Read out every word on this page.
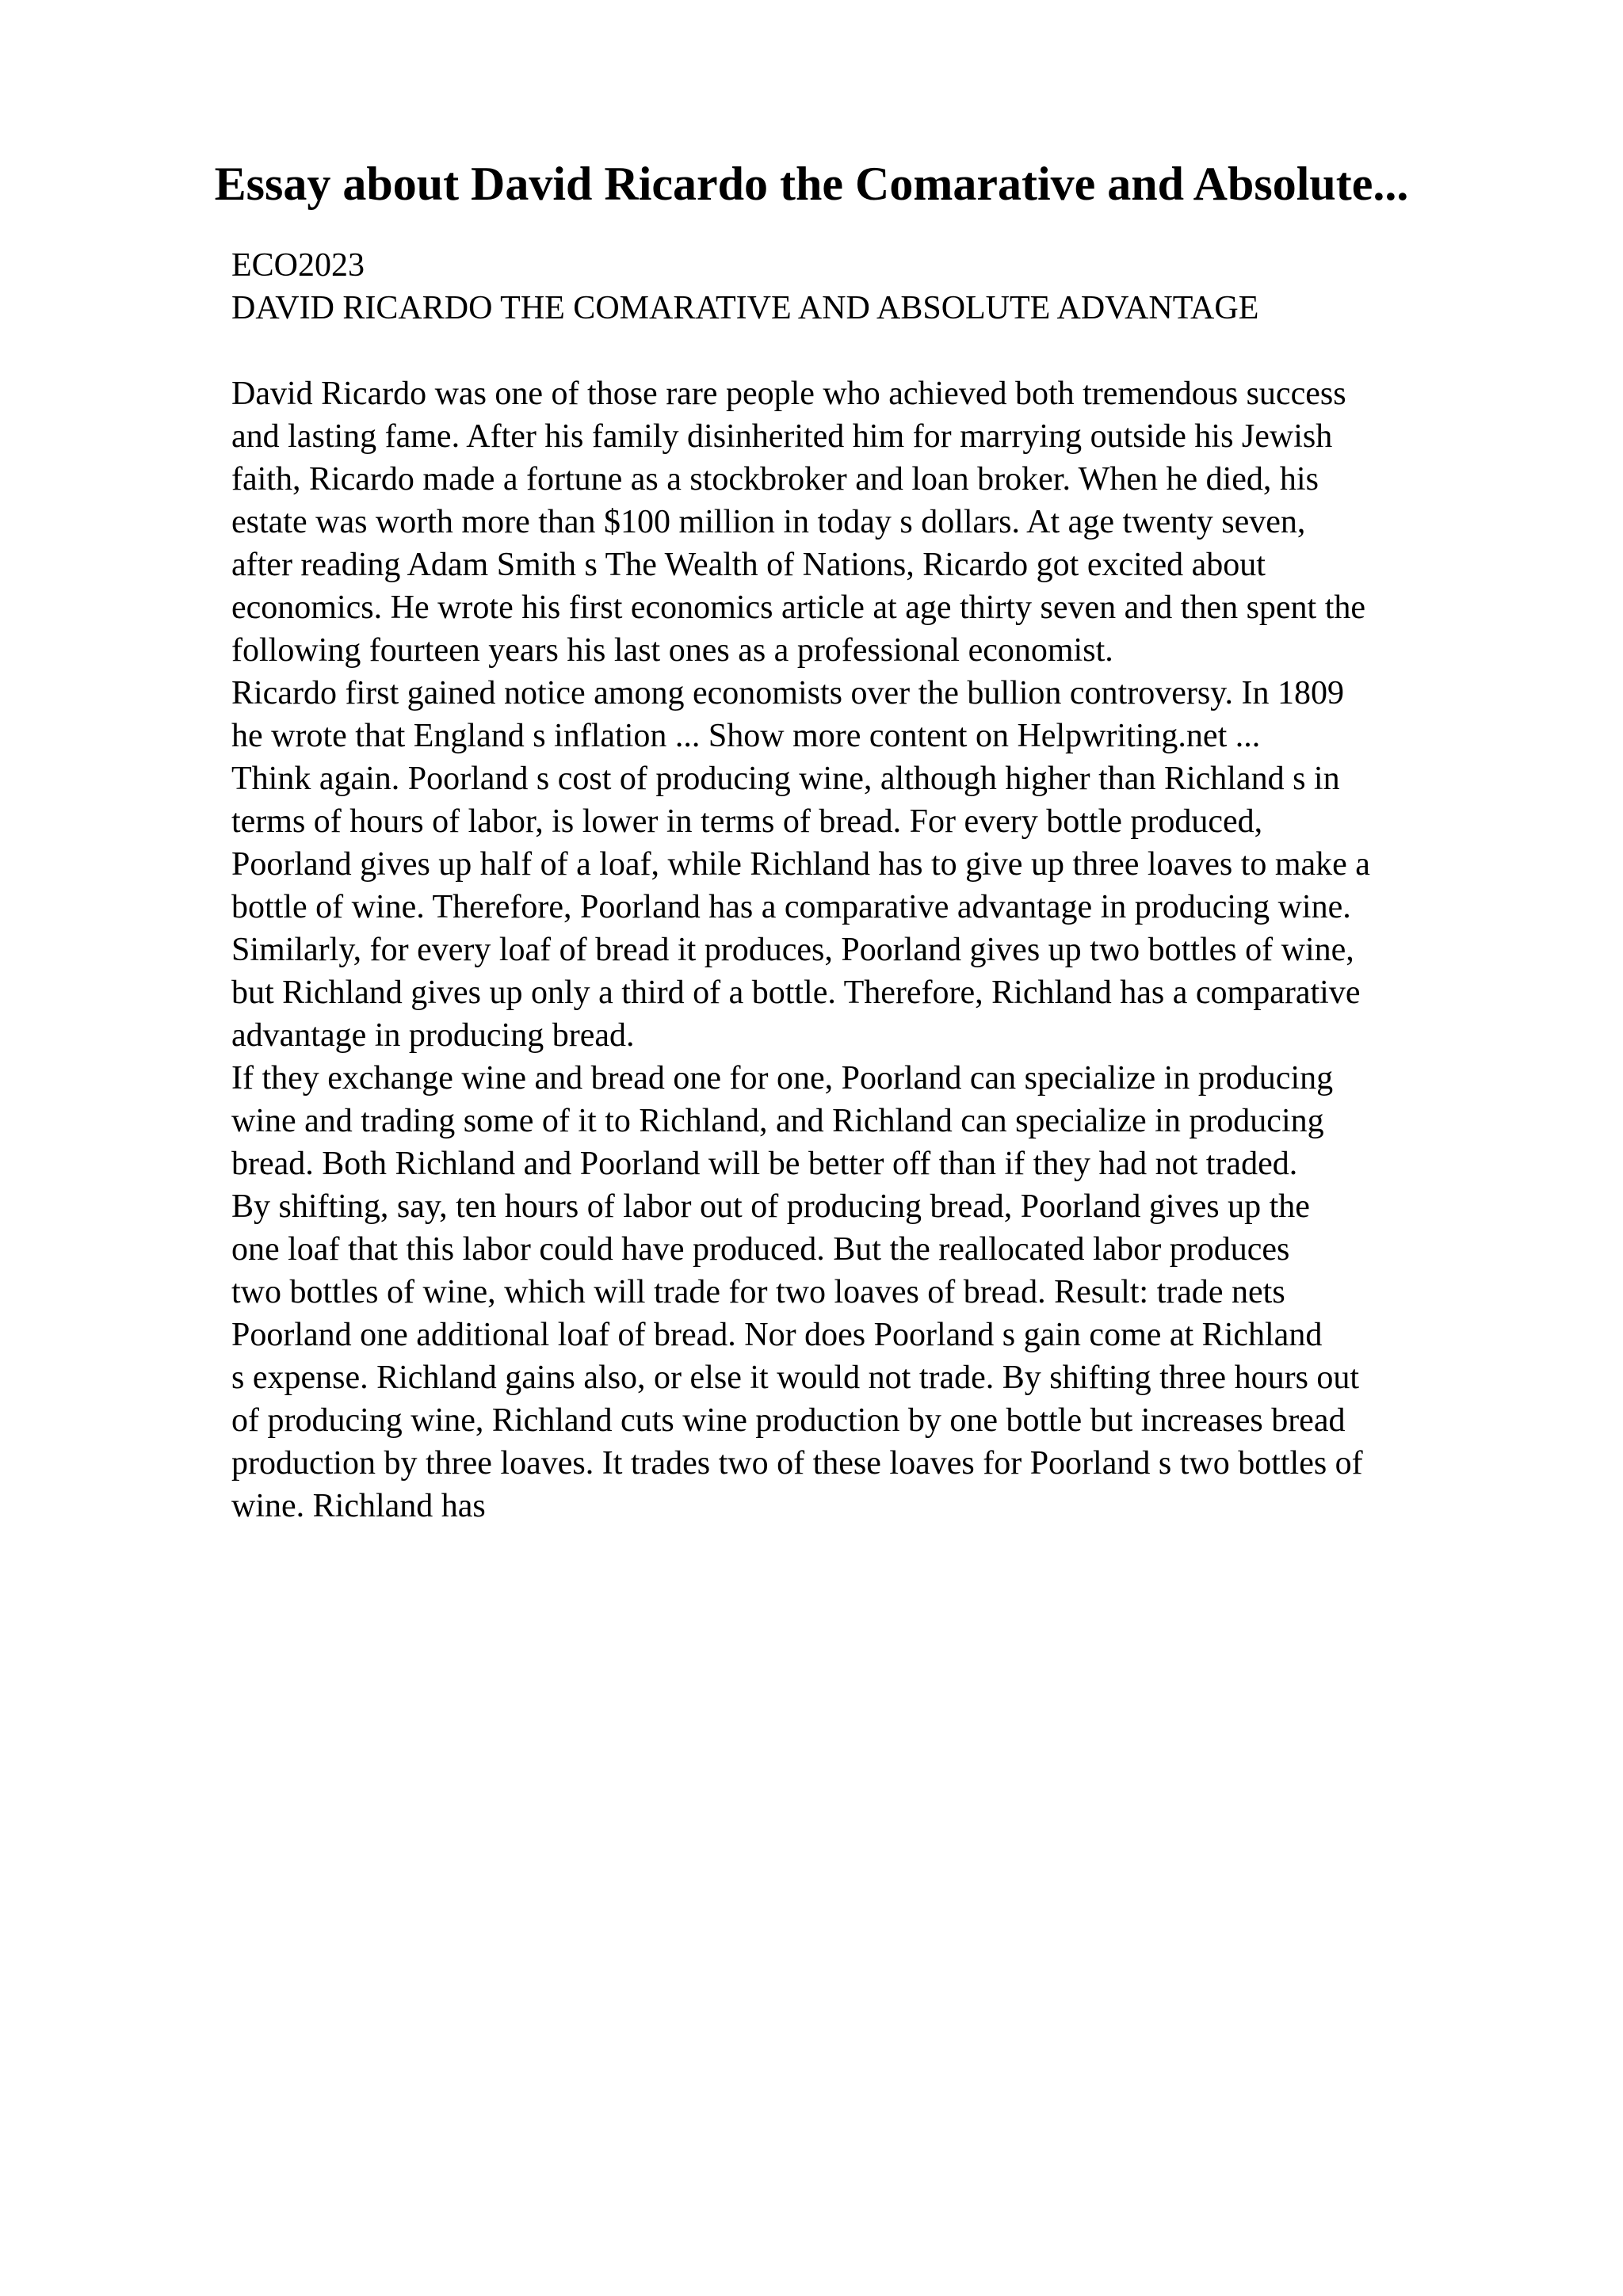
Essay about David Ricardo the Comarative and Absolute...
ECO2023
DAVID RICARDO THE COMARATIVE AND ABSOLUTE ADVANTAGE
David Ricardo was one of those rare people who achieved both tremendous success
and lasting fame. After his family disinherited him for marrying outside his Jewish
faith, Ricardo made a fortune as a stockbroker and loan broker. When he died, his
estate was worth more than $100 million in today s dollars. At age twenty seven,
after reading Adam Smith s The Wealth of Nations, Ricardo got excited about
economics. He wrote his first economics article at age thirty seven and then spent the
following fourteen years his last ones as a professional economist.
Ricardo first gained notice among economists over the bullion controversy. In 1809
he wrote that England s inflation ... Show more content on Helpwriting.net ...
Think again. Poorland s cost of producing wine, although higher than Richland s in
terms of hours of labor, is lower in terms of bread. For every bottle produced,
Poorland gives up half of a loaf, while Richland has to give up three loaves to make a
bottle of wine. Therefore, Poorland has a comparative advantage in producing wine.
Similarly, for every loaf of bread it produces, Poorland gives up two bottles of wine,
but Richland gives up only a third of a bottle. Therefore, Richland has a comparative
advantage in producing bread.
If they exchange wine and bread one for one, Poorland can specialize in producing
wine and trading some of it to Richland, and Richland can specialize in producing
bread. Both Richland and Poorland will be better off than if they had not traded.
By shifting, say, ten hours of labor out of producing bread, Poorland gives up the
one loaf that this labor could have produced. But the reallocated labor produces
two bottles of wine, which will trade for two loaves of bread. Result: trade nets
Poorland one additional loaf of bread. Nor does Poorland s gain come at Richland
s expense. Richland gains also, or else it would not trade. By shifting three hours out
of producing wine, Richland cuts wine production by one bottle but increases bread
production by three loaves. It trades two of these loaves for Poorland s two bottles of
wine. Richland has
